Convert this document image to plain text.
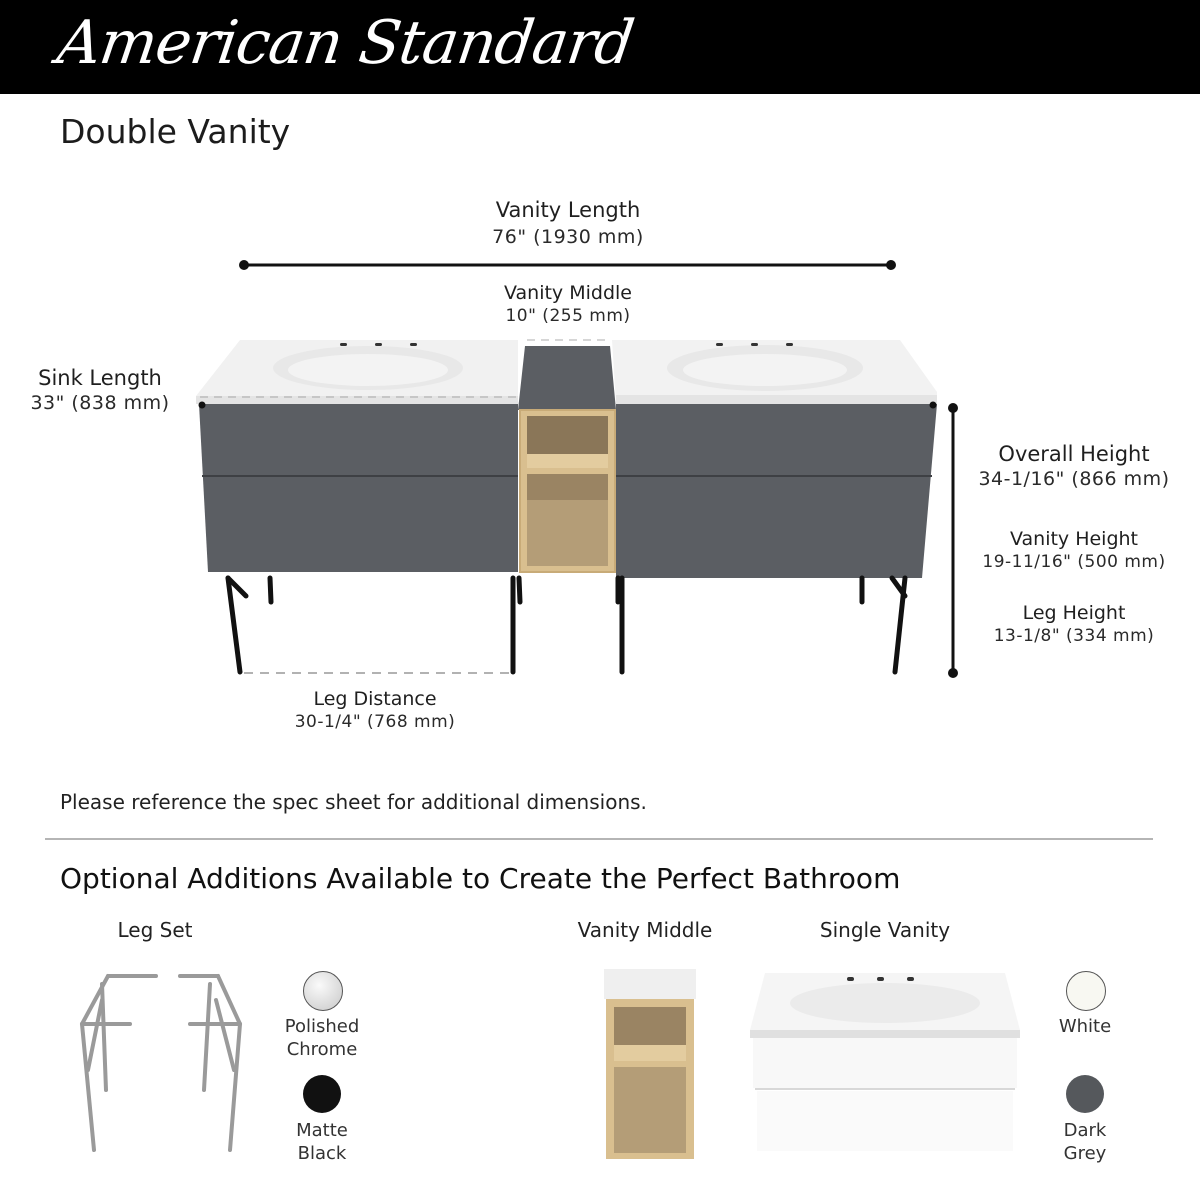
American Standard
Double Vanity
Vanity Length
76" (1930 mm)
Vanity Middle
10" (255 mm)
Sink Length
33" (838 mm)
Overall Height
34-1/16" (866 mm)
Vanity Height
19-11/16" (500 mm)
Leg Height
13-1/8" (334 mm)
Leg Distance
30-1/4" (768 mm)
Please reference the spec sheet for additional dimensions.
Optional Additions Available to Create the Perfect Bathroom
Leg Set
Polished
Chrome
Matte
Black
Vanity Middle	Single Vanity
White
Dark
Grey
